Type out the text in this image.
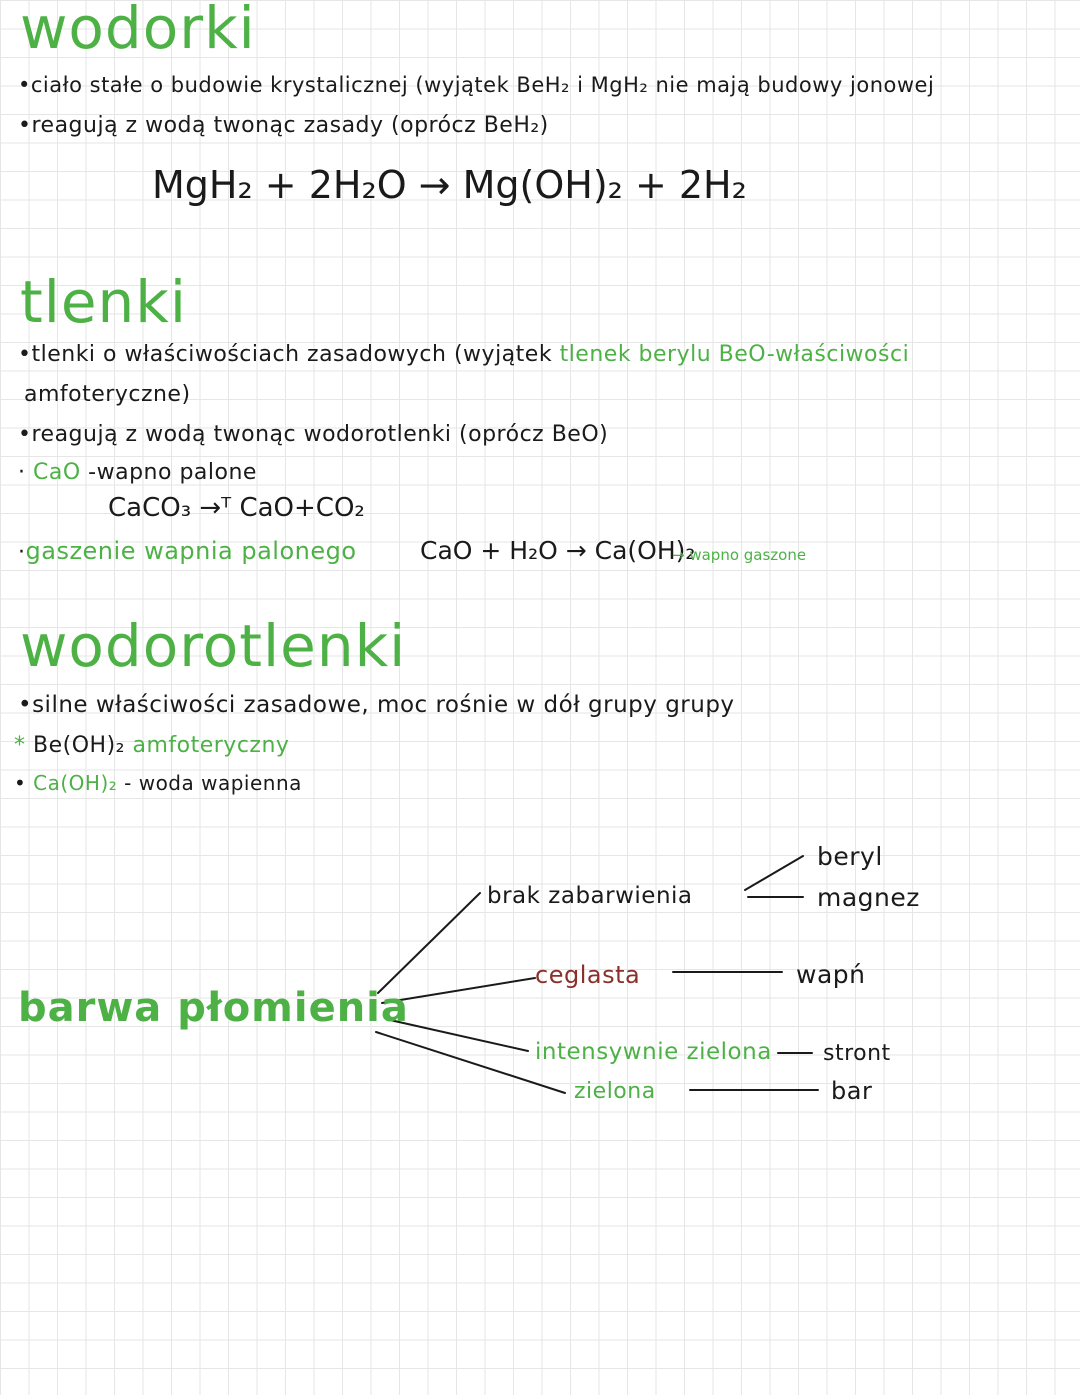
wodorki
•ciało stałe o budowie krystalicznej (wyjątek BeH₂ i MgH₂ nie mają budowy jonowej
•reagują z wodą twonąc zasady (oprócz BeH₂)
MgH₂ + 2H₂O → Mg(OH)₂ + 2H₂
tlenki
•tlenki o właściwościach zasadowych (wyjątek tlenek berylu BeO-właściwości
amfoteryczne)
•reagują z wodą twonąc wodorotlenki (oprócz BeO)
· CaO -wapno palone
CaCO₃ →ᵀ CaO+CO₂
·gaszenie wapnia palonego	CaO + H₂O → Ca(OH)₂
→ wapno gaszone
wodorotlenki
•silne właściwości zasadowe, moc rośnie w dół grupy grupy
* Be(OH)₂ amfoteryczny
• Ca(OH)₂ - woda wapienna
barwa płomienia
brak zabarwienia
ceglasta
intensywnie zielona
zielona
beryl
magnez
wapń
stront
bar
